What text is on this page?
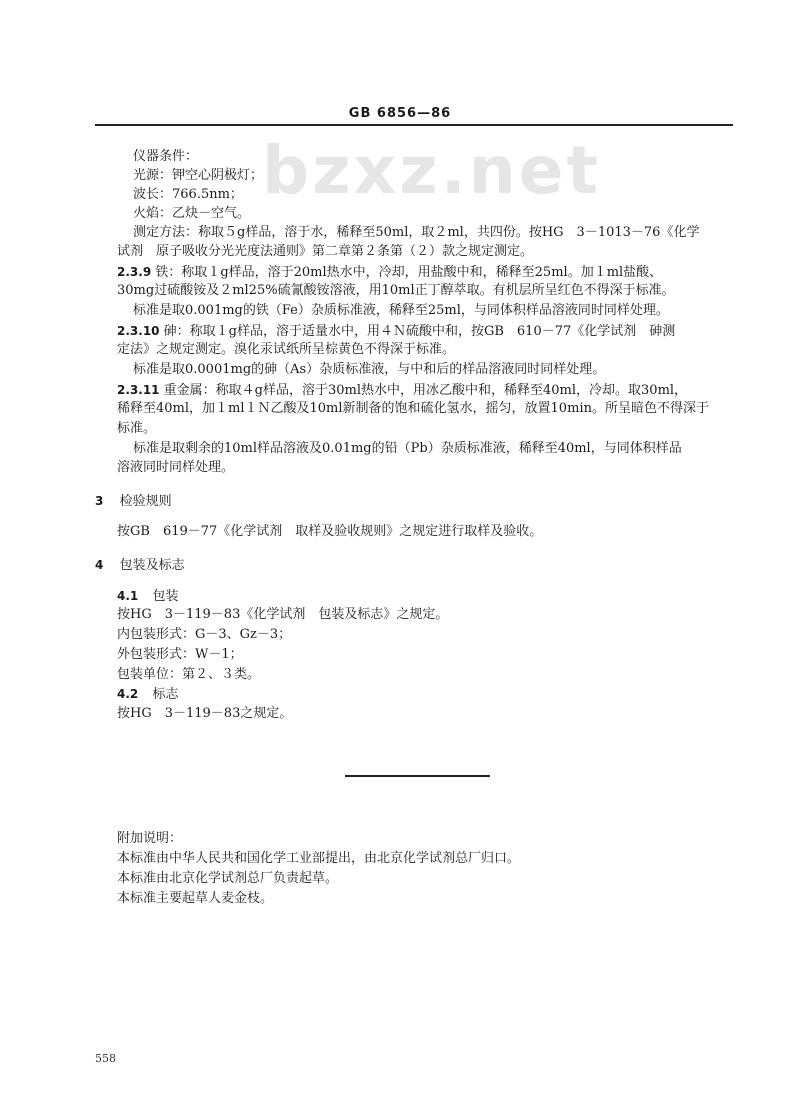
GB 6856—86
bzxz.net
仪器条件：
光源：钾空心阴极灯；
波长：766.5nm；
火焰：乙炔－空气。
测定方法：称取５g样品，溶于水，稀释至50ml，取２ml，共四份。按HG　3－1013－76《化学
试剂　原子吸收分光光度法通则》第二章第２条第（２）款之规定测定。
2.3.9 铁：称取１g样品，溶于20ml热水中，冷却，用盐酸中和，稀释至25ml。加１ml盐酸、
30mg过硫酸铵及２ml25%硫氰酸铵溶液，用10ml正丁醇萃取。有机层所呈红色不得深于标准。
标准是取0.001mg的铁（Fe）杂质标准液，稀释至25ml，与同体积样品溶液同时同样处理。
2.3.10 砷：称取１g样品，溶于适量水中，用４Ｎ硫酸中和，按GB　610－77《化学试剂　砷测
定法》之规定测定。溴化汞试纸所呈棕黄色不得深于标准。
标准是取0.0001mg的砷（As）杂质标准液，与中和后的样品溶液同时同样处理。
2.3.11 重金属：称取４g样品，溶于30ml热水中，用冰乙酸中和，稀释至40ml，冷却。取30ml，
稀释至40ml，加１ml１Ｎ乙酸及10ml新制备的饱和硫化氢水，摇匀，放置10min。所呈暗色不得深于
标准。
标准是取剩余的10ml样品溶液及0.01mg的铅（Pb）杂质标准液，稀释至40ml，与同体积样品
溶液同时同样处理。
3 检验规则
按GB　619－77《化学试剂　取样及验收规则》之规定进行取样及验收。
4 包装及标志
4.1 包装
按HG　3－119－83《化学试剂　包装及标志》之规定。
内包装形式：G－3、Gz－3；
外包装形式：W－1；
包装单位：第２、３类。
4.2 标志
按HG　3－119－83之规定。
附加说明：
本标准由中华人民共和国化学工业部提出，由北京化学试剂总厂归口。
本标准由北京化学试剂总厂负责起草。
本标准主要起草人麦金枝。
558
